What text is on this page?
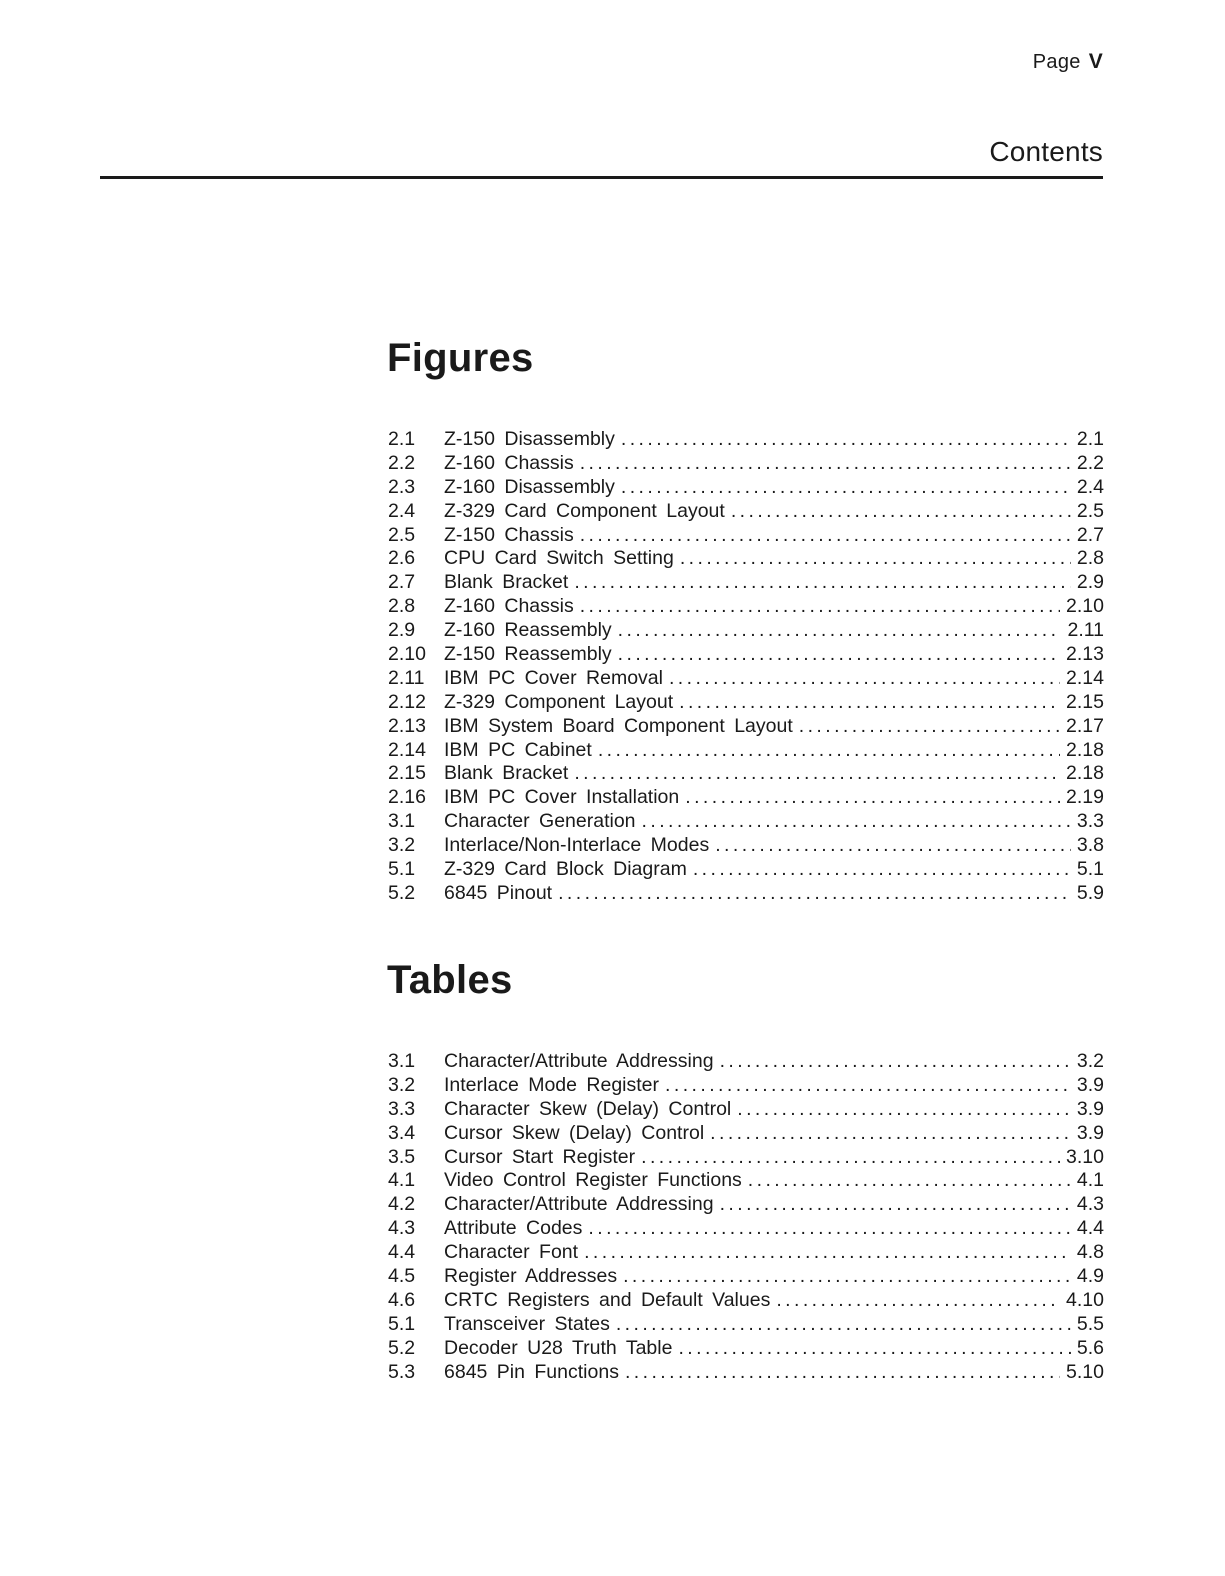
Page V
Contents
Figures
2.1	Z-150 Disassembly . . .	2.1
2.2	Z-160 Chassis . . .	2.2
2.3	Z-160 Disassembly . . .	2.4
2.4	Z-329 Card Component Layout . . .	2.5
2.5	Z-150 Chassis . . .	2.7
2.6	CPU Card Switch Setting . . .	2.8
2.7	Blank Bracket . . .	2.9
2.8	Z-160 Chassis . . .	2.10
2.9	Z-160 Reassembly . . .	2.11
2.10 Z-150 Reassembly . . .	2.13
2.11 IBM PC Cover Removal . . .	2.14
2.12 Z-329 Component Layout . . .	2.15
2.13 IBM System Board Component Layout . . .	2.17
2.14 IBM PC Cabinet . . .	2.18
2.15 Blank Bracket . . .	2.18
2.16 IBM PC Cover Installation . . .	2.19
3.1	Character Generation . . .	3.3
3.2	Interlace/Non-Interlace Modes . . .	3.8
5.1	Z-329 Card Block Diagram . . .	5.1
5.2	6845 Pinout . . .	5.9
Tables
3.1	Character/Attribute Addressing . . .	3.2
3.2	Interlace Mode Register . . .	3.9
3.3	Character Skew (Delay) Control . . .	3.9
3.4	Cursor Skew (Delay) Control . . .	3.9
3.5	Cursor Start Register . . .	3.10
4.1	Video Control Register Functions . . .	4.1
4.2	Character/Attribute Addressing . . .	4.3
4.3	Attribute Codes . . .	4.4
4.4	Character Font . . .	4.8
4.5	Register Addresses . . .	4.9
4.6	CRTC Registers and Default Values . . .	4.10
5.1	Transceiver States . . .	5.5
5.2	Decoder U28 Truth Table . . .	5.6
5.3	6845 Pin Functions . . .	5.10
